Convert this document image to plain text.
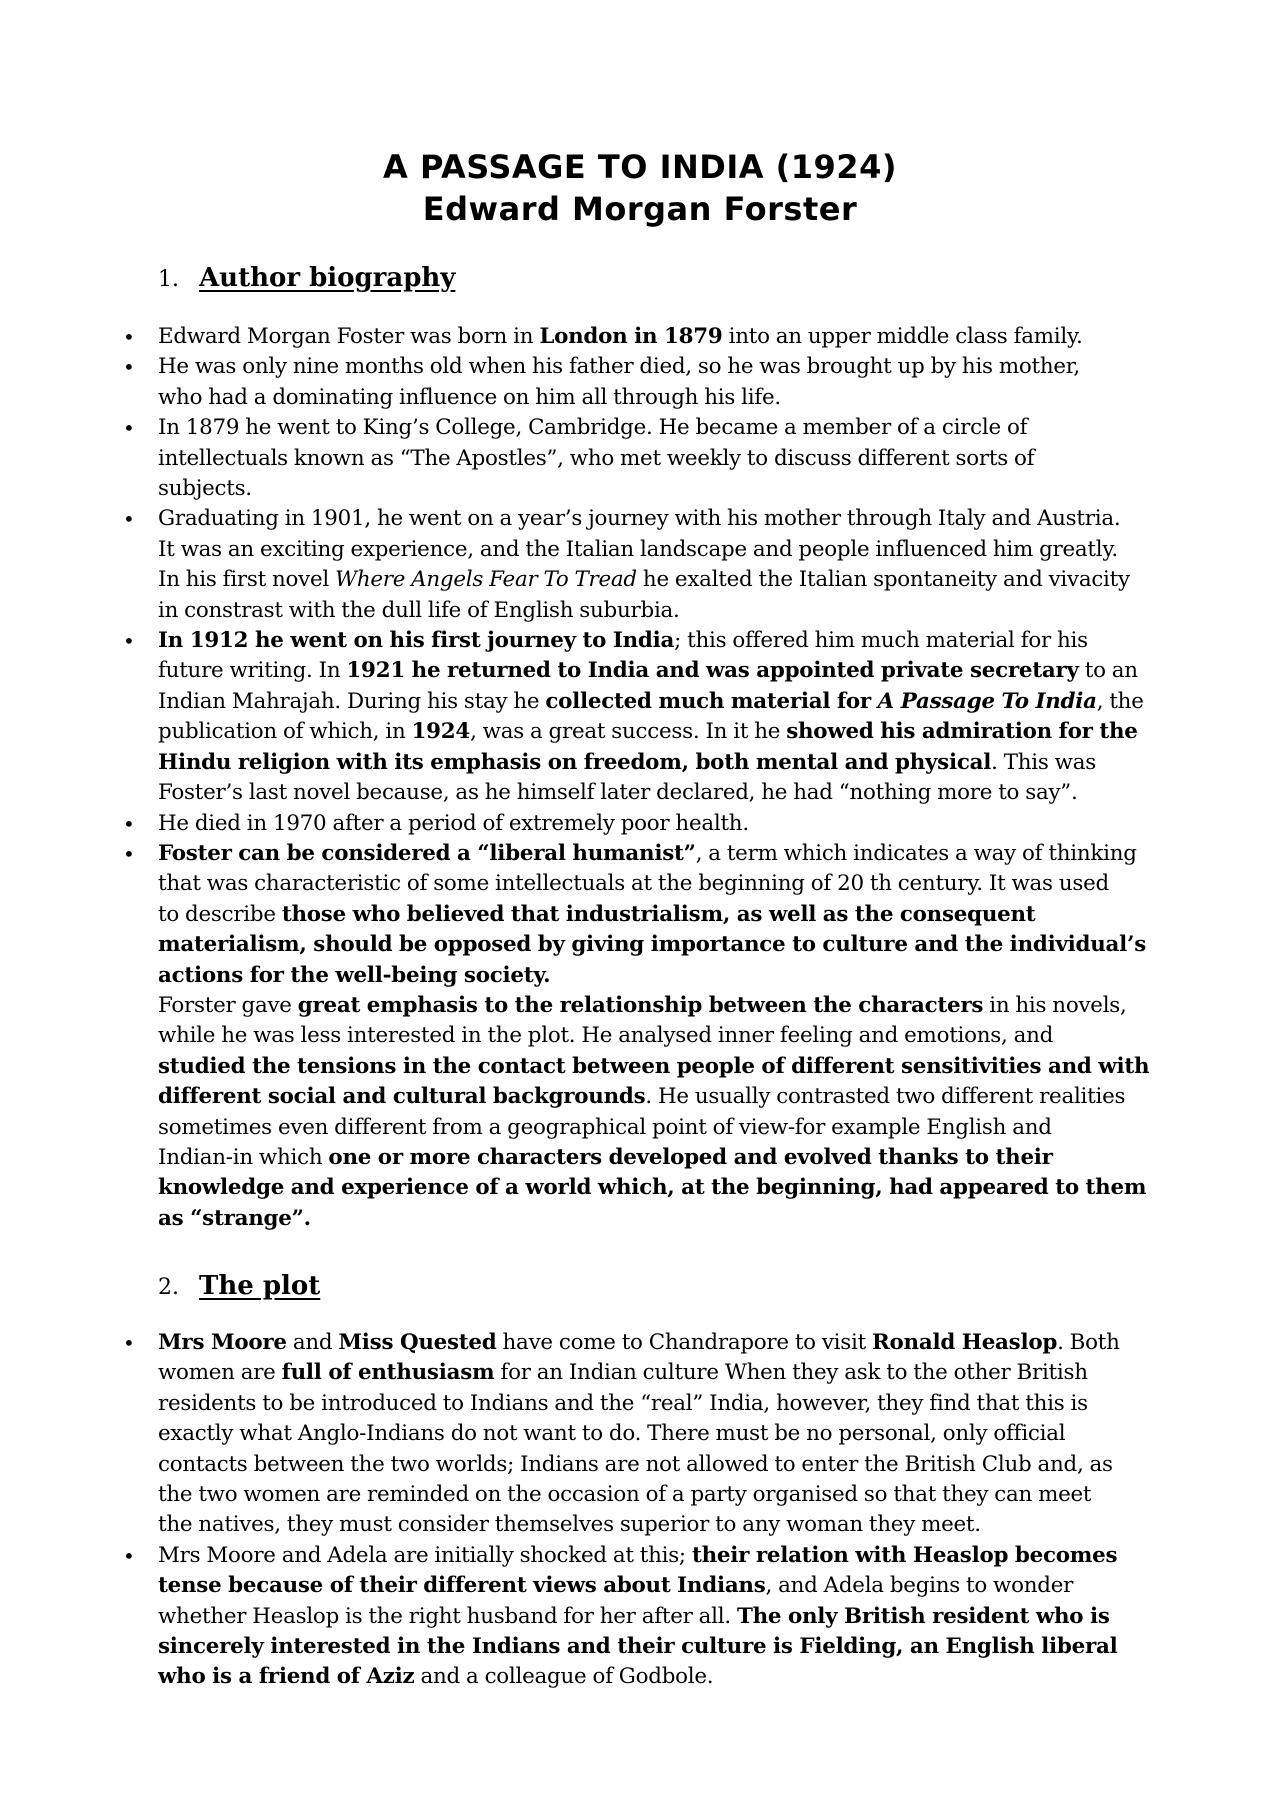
A PASSAGE TO INDIA (1924)
Edward Morgan Forster
1. Author biography
• Edward Morgan Foster was born in London in 1879 into an upper middle class family.
• He was only nine months old when his father died, so he was brought up by his mother,
who had a dominating influence on him all through his life.
• In 1879 he went to King’s College, Cambridge. He became a member of a circle of
intellectuals known as “The Apostles”, who met weekly to discuss different sorts of
subjects.
• Graduating in 1901, he went on a year’s journey with his mother through Italy and Austria.
It was an exciting experience, and the Italian landscape and people influenced him greatly.
In his first novel Where Angels Fear To Tread he exalted the Italian spontaneity and vivacity
in constrast with the dull life of English suburbia.
• In 1912 he went on his first journey to India; this offered him much material for his
future writing. In 1921 he returned to India and was appointed private secretary to an
Indian Mahrajah. During his stay he collected much material for A Passage To India, the
publication of which, in 1924, was a great success. In it he showed his admiration for the
Hindu religion with its emphasis on freedom, both mental and physical. This was
Foster’s last novel because, as he himself later declared, he had “nothing more to say”.
• He died in 1970 after a period of extremely poor health.
• Foster can be considered a “liberal humanist”, a term which indicates a way of thinking
that was characteristic of some intellectuals at the beginning of 20 th century. It was used
to describe those who believed that industrialism, as well as the consequent
materialism, should be opposed by giving importance to culture and the individual’s
actions for the well-being society.
Forster gave great emphasis to the relationship between the characters in his novels,
while he was less interested in the plot. He analysed inner feeling and emotions, and
studied the tensions in the contact between people of different sensitivities and with
different social and cultural backgrounds. He usually contrasted two different realities
sometimes even different from a geographical point of view-for example English and
Indian-in which one or more characters developed and evolved thanks to their
knowledge and experience of a world which, at the beginning, had appeared to them
as “strange”.
2. The plot
• Mrs Moore and Miss Quested have come to Chandrapore to visit Ronald Heaslop. Both
women are full of enthusiasm for an Indian culture When they ask to the other British
residents to be introduced to Indians and the “real” India, however, they find that this is
exactly what Anglo-Indians do not want to do. There must be no personal, only official
contacts between the two worlds; Indians are not allowed to enter the British Club and, as
the two women are reminded on the occasion of a party organised so that they can meet
the natives, they must consider themselves superior to any woman they meet.
• Mrs Moore and Adela are initially shocked at this; their relation with Heaslop becomes
tense because of their different views about Indians, and Adela begins to wonder
whether Heaslop is the right husband for her after all. The only British resident who is
sincerely interested in the Indians and their culture is Fielding, an English liberal
who is a friend of Aziz and a colleague of Godbole.
